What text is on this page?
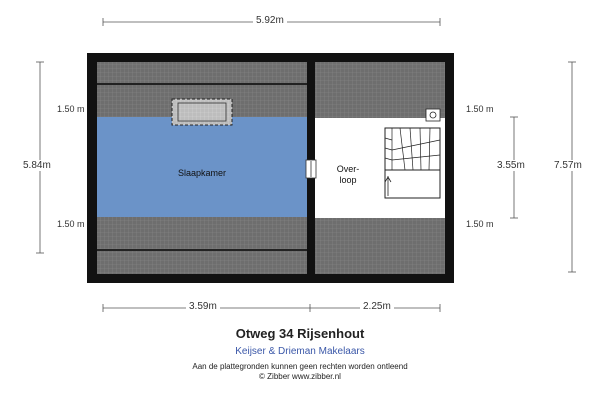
5.92m
5.84m
1.50 m
1.50 m
1.50 m
1.50 m
3.55m	7.57m
3.59m	2.25m
Slaapkamer	Over-
loop
Otweg 34 Rijsenhout
Keijser & Drieman Makelaars
Aan de plattegronden kunnen geen rechten worden ontleend
© Zibber www.zibber.nl
